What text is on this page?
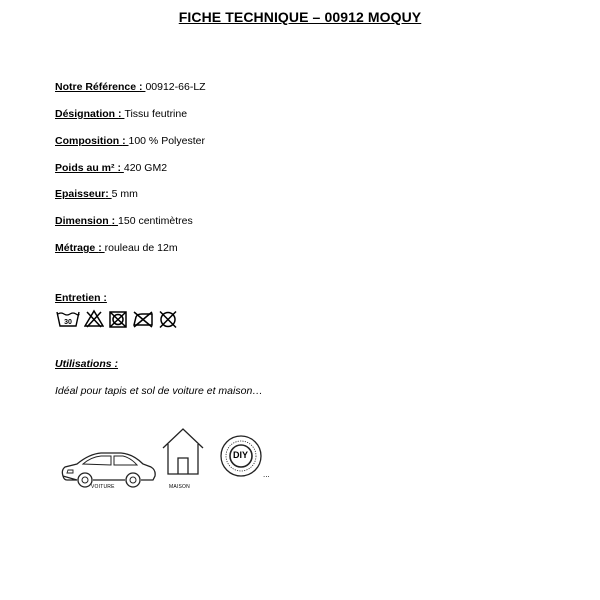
FICHE TECHNIQUE – 00912 MOQUY
Notre Référence : 00912-66-LZ
Désignation : Tissu feutrine
Composition : 100 % Polyester
Poids au m² : 420 GM2
Epaisseur: 5 mm
Dimension : 150 centimètres
Métrage : rouleau de 12m
Entretien :
30
Utilisations :
Idéal pour tapis et sol de voiture et maison…
VOITURE	MAISON
DIY
...
